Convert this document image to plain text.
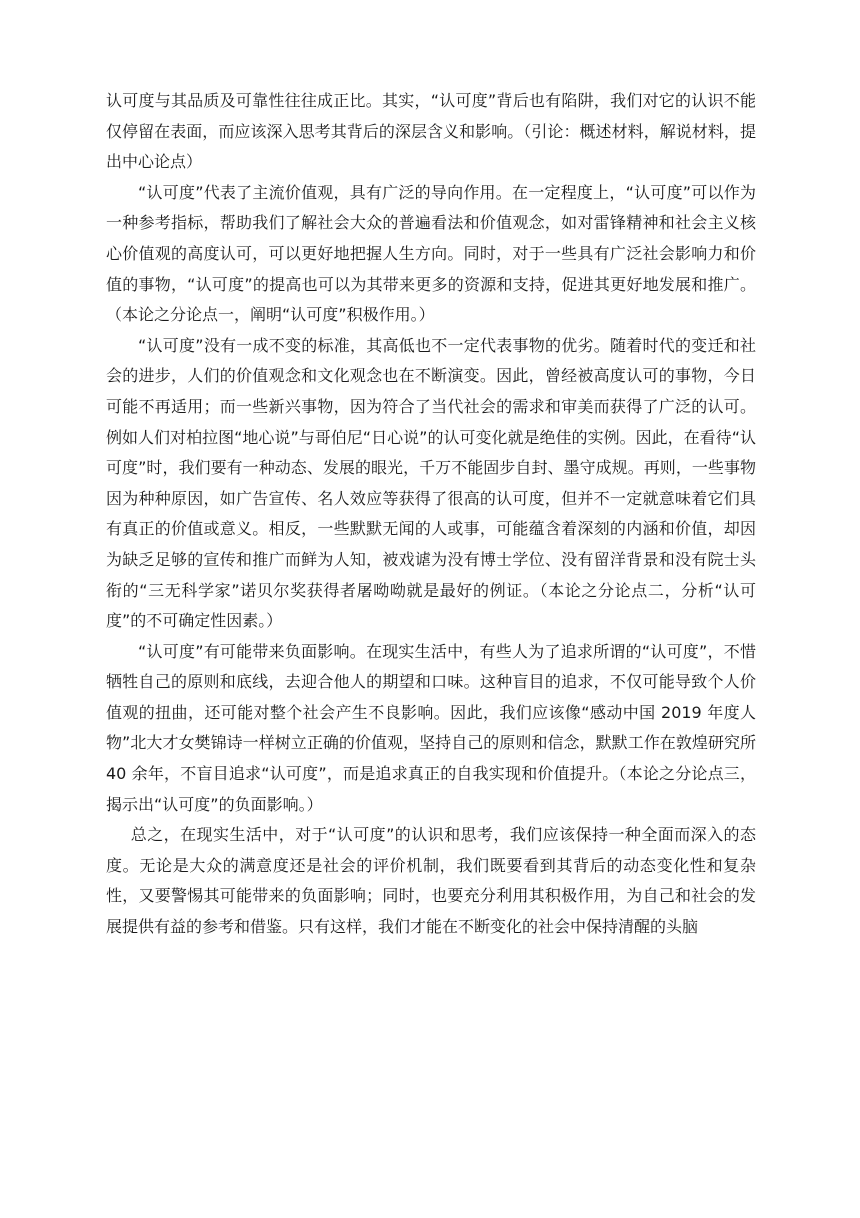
认可度与其品质及可靠性往往成正比。其实，“认可度”背后也有陷阱，我们对它的认识不能仅停留在表面，而应该深入思考其背后的深层含义和影响。（引论：概述材料，解说材料，提出中心论点）

“认可度”代表了主流价值观，具有广泛的导向作用。在一定程度上，“认可度”可以作为一种参考指标，帮助我们了解社会大众的普遍看法和价值观念，如对雷锋精神和社会主义核心价值观的高度认可，可以更好地把握人生方向。同时，对于一些具有广泛社会影响力和价值的事物，“认可度”的提高也可以为其带来更多的资源和支持，促进其更好地发展和推广。（本论之分论点一，阐明“认可度”积极作用。）

“认可度”没有一成不变的标准，其高低也不一定代表事物的优劣。随着时代的变迁和社会的进步，人们的价值观念和文化观念也在不断演变。因此，曾经被高度认可的事物，今日可能不再适用；而一些新兴事物，因为符合了当代社会的需求和审美而获得了广泛的认可。例如人们对柏拉图“地心说”与哥伯尼“日心说”的认可变化就是绝佳的实例。因此，在看待“认可度”时，我们要有一种动态、发展的眼光，千万不能固步自封、墨守成规。再则，一些事物因为种种原因，如广告宣传、名人效应等获得了很高的认可度，但并不一定就意味着它们具有真正的价值或意义。相反，一些默默无闻的人或事，可能蕴含着深刻的内涵和价值，却因为缺乏足够的宣传和推广而鲜为人知，被戏谑为没有博士学位、没有留洋背景和没有院士头衔的“三无科学家”诺贝尔奖获得者屠呦呦就是最好的例证。（本论之分论点二，分析“认可度”的不可确定性因素。）

“认可度”有可能带来负面影响。在现实生活中，有些人为了追求所谓的“认可度”，不惜牺牲自己的原则和底线，去迎合他人的期望和口味。这种盲目的追求，不仅可能导致个人价值观的扭曲，还可能对整个社会产生不良影响。因此，我们应该像“感动中国 2019 年度人物”北大才女樊锦诗一样树立正确的价值观，坚持自己的原则和信念，默默工作在敦煌研究所 40 余年，不盲目追求“认可度”，而是追求真正的自我实现和价值提升。（本论之分论点三，揭示出“认可度”的负面影响。）

总之，在现实生活中，对于“认可度”的认识和思考，我们应该保持一种全面而深入的态度。无论是大众的满意度还是社会的评价机制，我们既要看到其背后的动态变化性和复杂性，又要警惕其可能带来的负面影响；同时，也要充分利用其积极作用，为自己和社会的发展提供有益的参考和借鉴。只有这样，我们才能在不断变化的社会中保持清醒的头脑
